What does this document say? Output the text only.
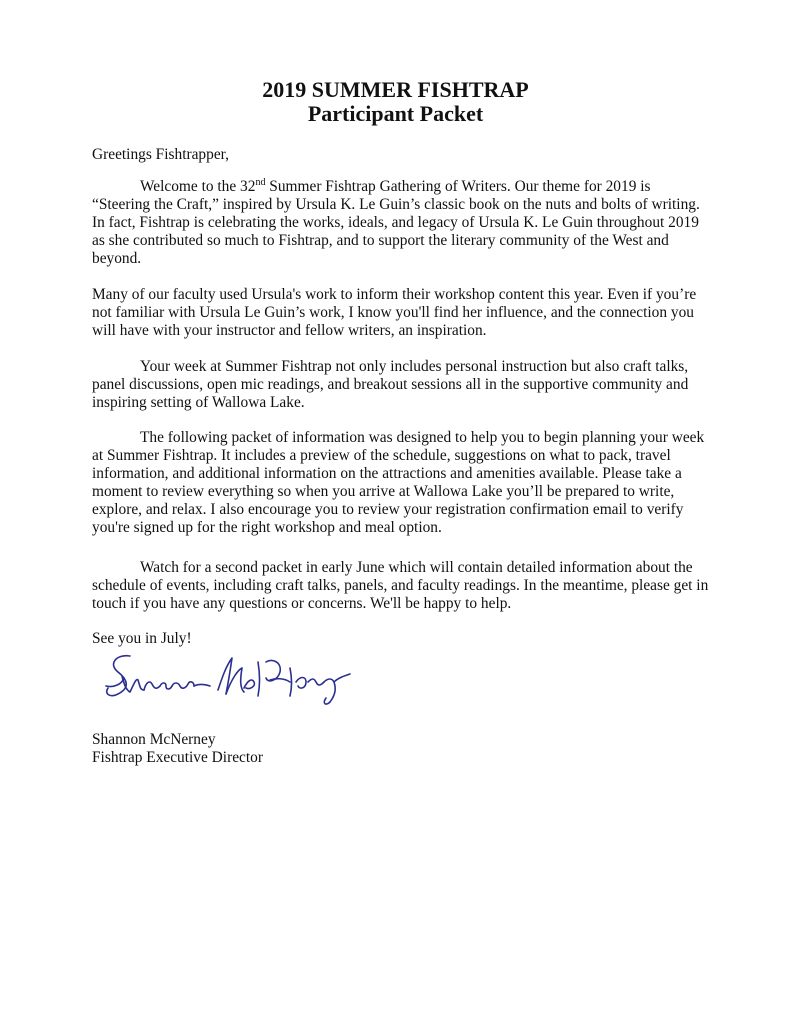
2019 SUMMER FISHTRAP
Participant Packet

Greetings Fishtrapper,

Welcome to the 32nd Summer Fishtrap Gathering of Writers. Our theme for 2019 is “Steering the Craft,” inspired by Ursula K. Le Guin’s classic book on the nuts and bolts of writing. In fact, Fishtrap is celebrating the works, ideals, and legacy of Ursula K. Le Guin throughout 2019 as she contributed so much to Fishtrap, and to support the literary community of the West and beyond.

Many of our faculty used Ursula's work to inform their workshop content this year. Even if you’re not familiar with Ursula Le Guin’s work, I know you'll find her influence, and the connection you will have with your instructor and fellow writers, an inspiration.

Your week at Summer Fishtrap not only includes personal instruction but also craft talks, panel discussions, open mic readings, and breakout sessions all in the supportive community and inspiring setting of Wallowa Lake.

The following packet of information was designed to help you to begin planning your week at Summer Fishtrap. It includes a preview of the schedule, suggestions on what to pack, travel information, and additional information on the attractions and amenities available. Please take a moment to review everything so when you arrive at Wallowa Lake you’ll be prepared to write, explore, and relax. I also encourage you to review your registration confirmation email to verify you're signed up for the right workshop and meal option.

Watch for a second packet in early June which will contain detailed information about the schedule of events, including craft talks, panels, and faculty readings. In the meantime, please get in touch if you have any questions or concerns. We'll be happy to help.

See you in July!

Shannon McNerney

Fishtrap Executive Director
